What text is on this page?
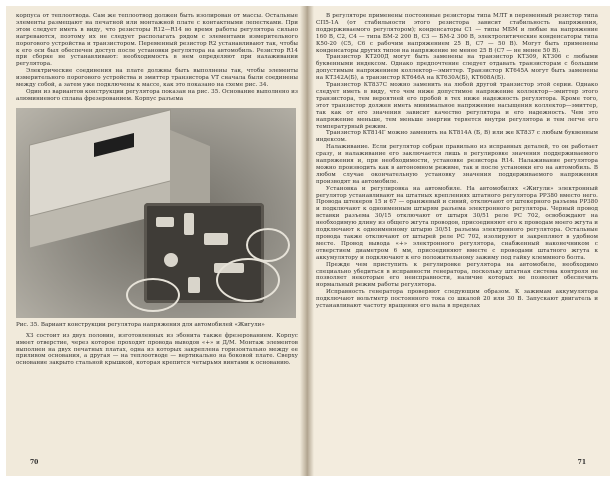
корпуса от теплоотвода. Сам же теплоотвод должен быть изолирован от массы. Остальные элементы размещают на печатной или монтажной плате с контактными лепестками. При этом следует иметь в виду, что резисторы R12—R14 во время работы регулятора сильно нагреваются, поэтому их не следует располагать рядом с элементами измерительного порогового устройства и транзистором. Переменный резистор R2 устанавливают так, чтобы к его оси был обеспечен доступ после установки регулятора на автомобиль. Резистор R14 при сборке не устанавливают: необходимость в нем определяют при налаживании регулятора.

Электрические соединения на плате должны быть выполнены так, чтобы элементы измерительного порогового устройства и эмиттер транзистора VT сначала были соединены между собой, а затем уже подключены к массе, как это показано на схеме рис. 34.

Один из вариантов конструкции регулятора показан на рис. 35. Основание выполнено из алюминиевого сплава фрезерованием. Корпус разъема

Рис. 35. Вариант конструкции регулятора напряжения для автомобилей «Жигули»

ХЗ состоит из двух половин, изготовленных из эбонита также фрезерованием. Корпус имеет отверстие, через которое проходят провода выводов «+» и Д/М. Монтаж элементов выполнен на двух печатных платах, одна из которых закреплена горизонтально между ее приливом основания, а другая — на теплоотводе — вертикально на боковой плате. Сверху основание закрыто стальной крышкой, которая крепится четырьмя винтами к основанию.

70

В регуляторе применены постоянные резисторы типа МЛТ в переменный резистор типа СП5-1А (от стабильности этого резистора зависит стабильность напряжения, поддерживаемого регулятором); конденсаторы С1 — типы МБМ и любые на напряжение 160 В, С2, С4 — типа БМ-2 200 В, С3 — БМ-2 300 В, электролитические конденсаторы типа К50-20 (С5, С6 с рабочим напряжением 25 В, С7 — 50 В). Могут быть применены конденсаторы других типов на напряжение не менее 25 В (С7 — не менее 50 В).

Транзистор КТ200Д могут быть заменены на транзистор КТ309, КТ306 с любыми буквенными индексом. Однако предпочтение следует отдавать транзисторам с большим допустимым напряжением коллектор—эмиттер. Транзистор КТ645А могут быть заменены на КТ342А(Б), а транзистор КТ646А на КТ630А(Б), КТ608А(Б).

Транзистор КТ837С можно заменить на любой другой транзистор этой серии. Однако следует иметь в виду, что чем ниже допустимое напряжение коллектор—эмиттер этого транзистора, тем вероятней его пробой в тех ниже надежность регулятора. Кроме того, этот транзистор должен иметь минимальное напряжение насыщения коллектор—эмиттер, так как от его значения зависит качество регулятора и его надежность. Чем это напряжение меньше, тем меньше энергии теряется внутри регулятора и тем легче его температурный режим.

Транзистор КТ814Г можно заменить на КТ814А (Б, В) или же КТ837 с любым буквенным индексом.

Налаживание. Если регулятор собран правильно из исправных деталей, то он работает сразу, и налаживание его заключается лишь в регулировке значения поддерживаемого напряжения и, при необходимости, установке резистора R14. Налаживание регулятора можно производить как в автономном режиме, так и после установки его на автомобиль. В любом случае окончательную установку значения поддерживаемого напряжения производят на автомобиле.

Установка и регулировка на автомобиле. На автомобилях «Жигули» электронный регулятор устанавливают на штатных креплениях штатного регулятора РР380 вместо него. Провода штекеров 15 и 67 — оранжевый и синий, отключают от штекерного разъема РР380 и подключают к одноименным штырям разъема электронного регулятора. Черный провод вставки разъема 30/15 отключают от штыря 30/51 реле РС 702, освобождают на необходимую длину из общего жгута проводов, присоединяют его к проводам моего жгута и подключают к одноименному штырю 30/51 разъема электронного регулятора. Остальные провода также отключают от штырей реле РС 702, изолируют и закрепляют в удобном месте. Провод вывода «+» электронного регулятора, снабженный наконечником с отверстием диаметром 6 мм, присоединяют вместе с проводами штатного жгута к аккумулятору и подключают к его положительному зажиму под гайку клеммного болта.

Прежде чем приступить к регулировке регулятора на автомобиле, необходимо специально убедиться в исправности генератора, поскольку штатная система контроля не позволяет некоторые его неисправности, наличие которых не позволит обеспечить нормальный режим работы регулятора.

Исправность генератора проверяют следующим образом. К зажимам аккумулятора подключают вольтметр постоянного тока со шкалой 20 или 30 В. Запускают двигатель и устанавливают частоту вращения его вала в пределах

71
